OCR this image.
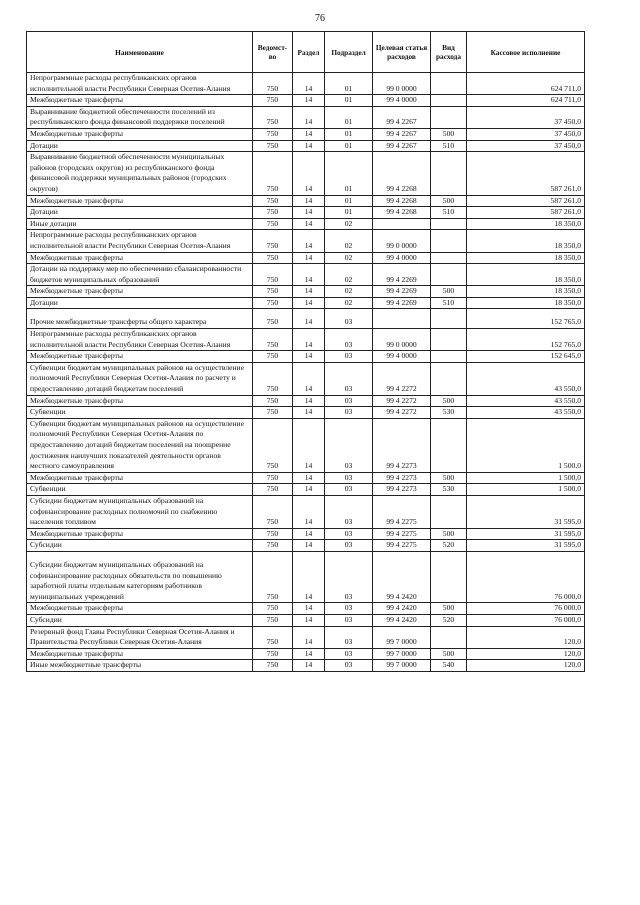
76
Наименование	Ведомст-во	Раздел	Подраздел	Целевая статья расходов	Вид расхода	Кассовое исполнение
Непрограммные расходы республиканских органов исполнительной власти Республики Северная Осетия-Алания	750	14	01	99 0 0000		624 711,0
Межбюджетные трансферты	750	14	01	99 4 0000		624 711,0
Выравнивание бюджетной обеспеченности поселений из республиканского фонда финансовой поддержки поселений	750	14	01	99 4 2267		37 450,0
Межбюджетные трансферты	750	14	01	99 4 2267	500	37 450,0
Дотации	750	14	01	99 4 2267	510	37 450,0
Выравнивание бюджетной обеспеченности муниципальных районов (городских округов) из республиканского фонда финансовой поддержки муниципальных районов (городских округов)	750	14	01	99 4 2268		587 261,0
Межбюджетные трансферты	750	14	01	99 4 2268	500	587 261,0
Дотации	750	14	01	99 4 2268	510	587 261,0
Иные дотации	750	14	02			18 350,0
Непрограммные расходы республиканских органов исполнительной власти Республики Северная Осетия-Алания	750	14	02	99 0 0000		18 350,0
Межбюджетные трансферты	750	14	02	99 4 0000		18 350,0
Дотации на поддержку мер по обеспечению сбалансированности бюджетов муниципальных образований	750	14	02	99 4 2269		18 350,0
Межбюджетные трансферты	750	14	02	99 4 2269	500	18 350,0
Дотации	750	14	02	99 4 2269	510	18 350,0
Прочие межбюджетные трансферты общего характера	750	14	03			152 765,0
Непрограммные расходы республиканских органов исполнительной власти Республики Северная Осетия-Алания	750	14	03	99 0 0000		152 765,0
Межбюджетные трансферты	750	14	03	99 4 0000		152 645,0
Субвенции бюджетам муниципальных районов на осуществление полномочий Республики Северная Осетия-Алания по расчету и предоставлению дотаций бюджетам поселений	750	14	03	99 4 2272		43 550,0
Межбюджетные трансферты	750	14	03	99 4 2272	500	43 550,0
Субвенции	750	14	03	99 4 2272	530	43 550,0
Субвенции бюджетам муниципальных районов на осуществление полномочий Республики Северная Осетия-Алания по предоставлению дотаций бюджетам поселений на поощрение достижения наилучших показателей деятельности органов местного самоуправления	750	14	03	99 4 2273		1 500,0
Межбюджетные трансферты	750	14	03	99 4 2273	500	1 500,0
Субвенции	750	14	03	99 4 2273	530	1 500,0
Субсидии бюджетам муниципальных образований на софинансирование расходных полномочий по снабжению населения топливом	750	14	03	99 4 2275		31 595,0
Межбюджетные трансферты	750	14	03	99 4 2275	500	31 595,0
Субсидии	750	14	03	99 4 2275	520	31 595,0
Субсидии бюджетам муниципальных образований на софинансирование расходных обязательств по повышению заработной платы отдельным категориям работников муниципальных учреждений	750	14	03	99 4 2420		76 000,0
Межбюджетные трансферты	750	14	03	99 4 2420	500	76 000,0
Субсидии	750	14	03	99 4 2420	520	76 000,0
Резервный фонд Главы Республики Северная Осетия-Алания и Правительства Республики Северная Осетия-Алания	750	14	03	99 7 0000		120,0
Межбюджетные трансферты	750	14	03	99 7 0000	500	120,0
Иные межбюджетные трансферты	750	14	03	99 7 0000	540	120,0
